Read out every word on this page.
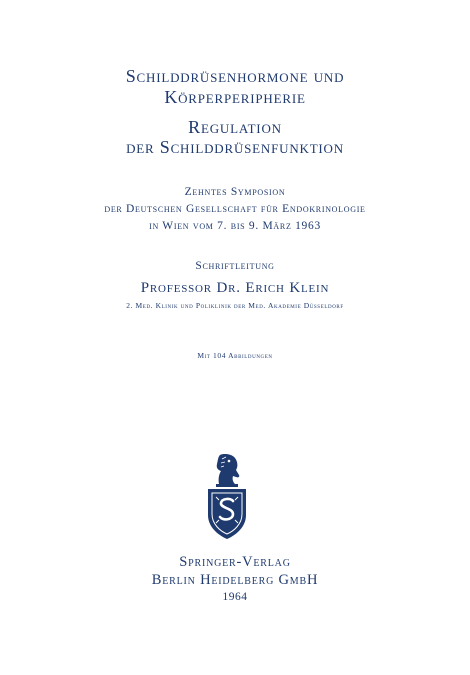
Schilddrüsenhormone und
Körperperipherie
Regulation
der Schilddrüsenfunktion
Zehntes Symposion
der Deutschen Gesellschaft für Endokrinologie
in Wien vom 7. bis 9. März 1963
Schriftleitung
Professor Dr. Erich Klein
2. Med. Klinik und Poliklinik der Med. Akademie Düsseldorf
Mit 104 Abbildungen
Springer-Verlag
Berlin Heidelberg GmbH
1964
